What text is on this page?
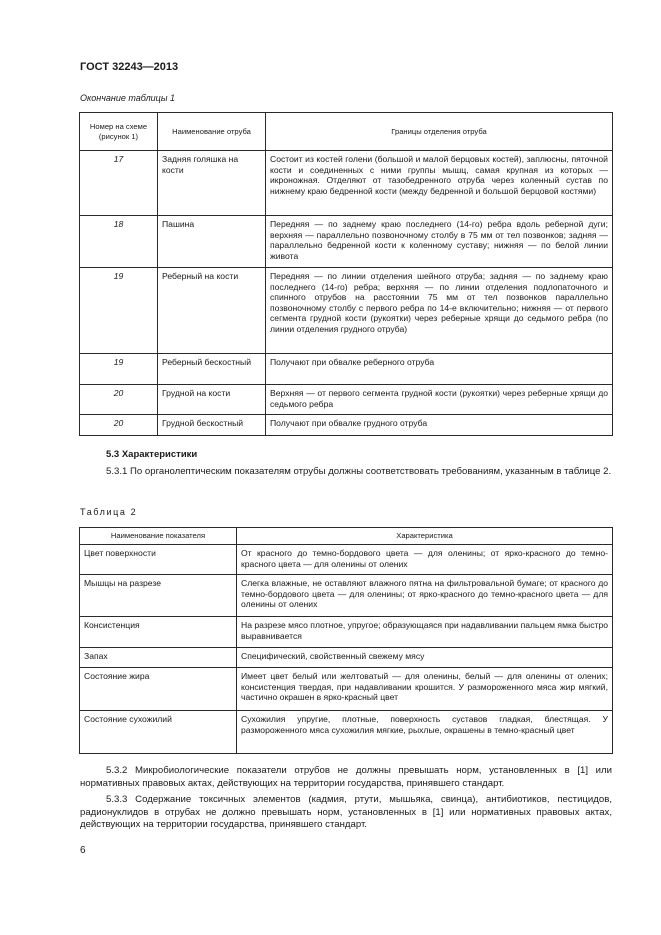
ГОСТ 32243—2013
Окончание таблицы 1
Номер на схеме (рисунок 1)	Наименование отруба	Границы отделения отруба
17	Задняя голяшка на кости	Состоит из костей голени (большой и малой берцовых костей), заплюсны, пяточной кости и соединенных с ними группы мышц, самая крупная из которых — икроножная. Отделяют от тазобедренного отруба через коленный сустав по нижнему краю бедренной кости (между бедренной и большой берцовой костями)
18	Пашина	Передняя — по заднему краю последнего (14-го) ребра вдоль реберной дуги; верхняя — параллельно позвоночному столбу в 75 мм от тел позвонков; задняя — параллельно бедренной кости к коленному суставу; нижняя — по белой линии живота
19	Реберный на кости	Передняя — по линии отделения шейного отруба; задняя — по заднему краю последнего (14-го) ребра; верхняя — по линии отделения подлопаточного и спинного отрубов на расстоянии 75 мм от тел позвонков параллельно позвоночному столбу с первого ребра по 14-е включительно; нижняя — от первого сегмента грудной кости (рукоятки) через реберные хрящи до седьмого ребра (по линии отделения грудного отруба)
19	Реберный бескостный	Получают при обвалке реберного отруба
20	Грудной на кости	Верхняя — от первого сегмента грудной кости (рукоятки) через реберные хрящи до седьмого ребра
20	Грудной бескостный	Получают при обвалке грудного отруба
5.3 Характеристики

5.3.1 По органолептическим показателям отрубы должны соответствовать требованиям, указанным в таблице 2.

Таблица 2
Наименование показателя	Характеристика
Цвет поверхности	От красного до темно-бордового цвета — для оленины; от ярко-красного до темно-красного цвета — для оленины от олених
Мышцы на разрезе	Слегка влажные, не оставляют влажного пятна на фильтровальной бумаге; от красного до темно-бордового цвета — для оленины; от ярко-красного до темно-красного цвета — для оленины от олених
Консистенция	На разрезе мясо плотное, упругое; образующаяся при надавливании пальцем ямка быстро выравнивается
Запах	Специфический, свойственный свежему мясу
Состояние жира	Имеет цвет белый или желтоватый — для оленины, белый — для оленины от олених; консистенция твердая, при надавливании крошится. У размороженного мяса жир мягкий, частично окрашен в ярко-красный цвет
Состояние сухожилий	Сухожилия упругие, плотные, поверхность суставов гладкая, блестящая. У размороженного мяса сухожилия мягкие, рыхлые, окрашены в темно-красный цвет

5.3.2 Микробиологические показатели отрубов не должны превышать норм, установленных в [1] или нормативных правовых актах, действующих на территории государства, принявшего стандарт.

5.3.3 Содержание токсичных элементов (кадмия, ртути, мышьяка, свинца), антибиотиков, пестицидов, радионуклидов в отрубах не должно превышать норм, установленных в [1] или нормативных правовых актах, действующих на территории государства, принявшего стандарт.

6
